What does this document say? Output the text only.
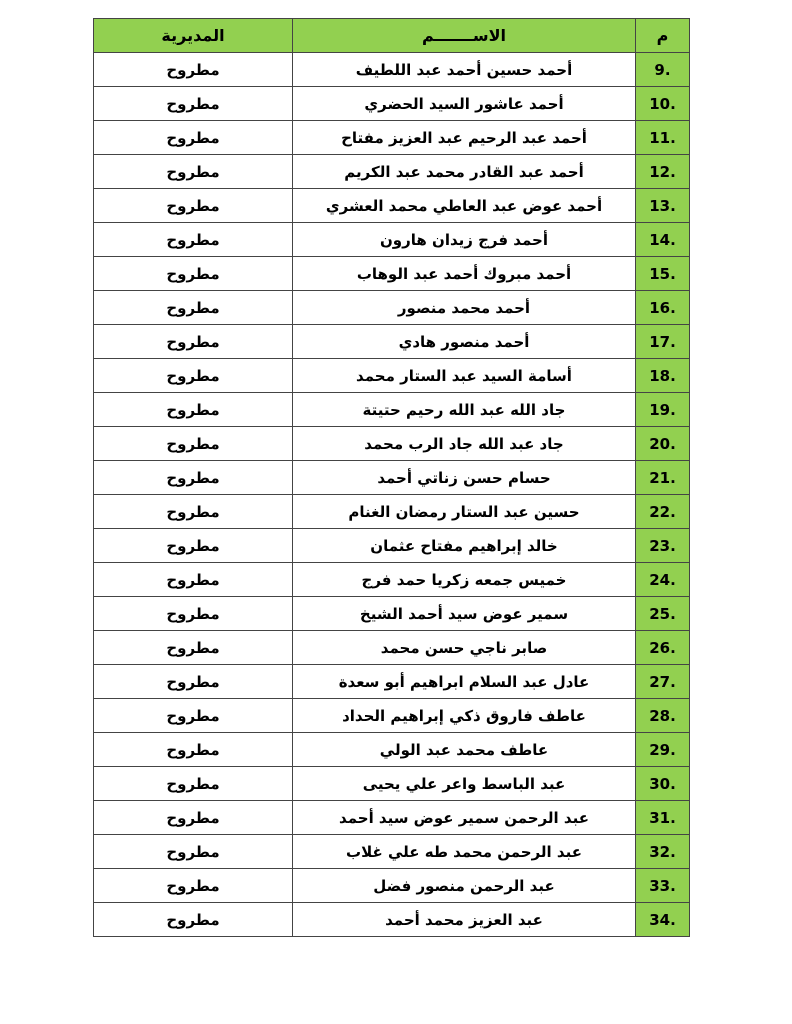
م	الاســـــــم	المديرية
9.	أحمد حسين أحمد عبد اللطيف	مطروح
10.	أحمد عاشور السيد الحضري	مطروح
11.	أحمد عبد الرحيم عبد العزيز مفتاح	مطروح
12.	أحمد عبد القادر محمد عبد الكريم	مطروح
13.	أحمد عوض عبد العاطي محمد العشري	مطروح
14.	أحمد فرج زيدان هارون	مطروح
15.	أحمد مبروك أحمد عبد الوهاب	مطروح
16.	أحمد محمد منصور	مطروح
17.	أحمد منصور هادي	مطروح
18.	أسامة السيد عبد الستار محمد	مطروح
19.	جاد الله عبد الله رحيم حتيتة	مطروح
20.	جاد عبد الله جاد الرب محمد	مطروح
21.	حسام حسن زناتي أحمد	مطروح
22.	حسين عبد الستار رمضان الغنام	مطروح
23.	خالد إبراهيم مفتاح عثمان	مطروح
24.	خميس جمعه زكريا حمد فرج	مطروح
25.	سمير عوض سيد أحمد الشيخ	مطروح
26.	صابر ناجي حسن محمد	مطروح
27.	عادل عبد السلام ابراهيم أبو سعدة	مطروح
28.	عاطف فاروق ذكي إبراهيم الحداد	مطروح
29.	عاطف محمد عبد الولي	مطروح
30.	عبد الباسط واعر علي يحيى	مطروح
31.	عبد الرحمن سمير عوض سيد أحمد	مطروح
32.	عبد الرحمن محمد طه علي غلاب	مطروح
33.	عبد الرحمن منصور فضل	مطروح
34.	عبد العزيز محمد أحمد	مطروح
